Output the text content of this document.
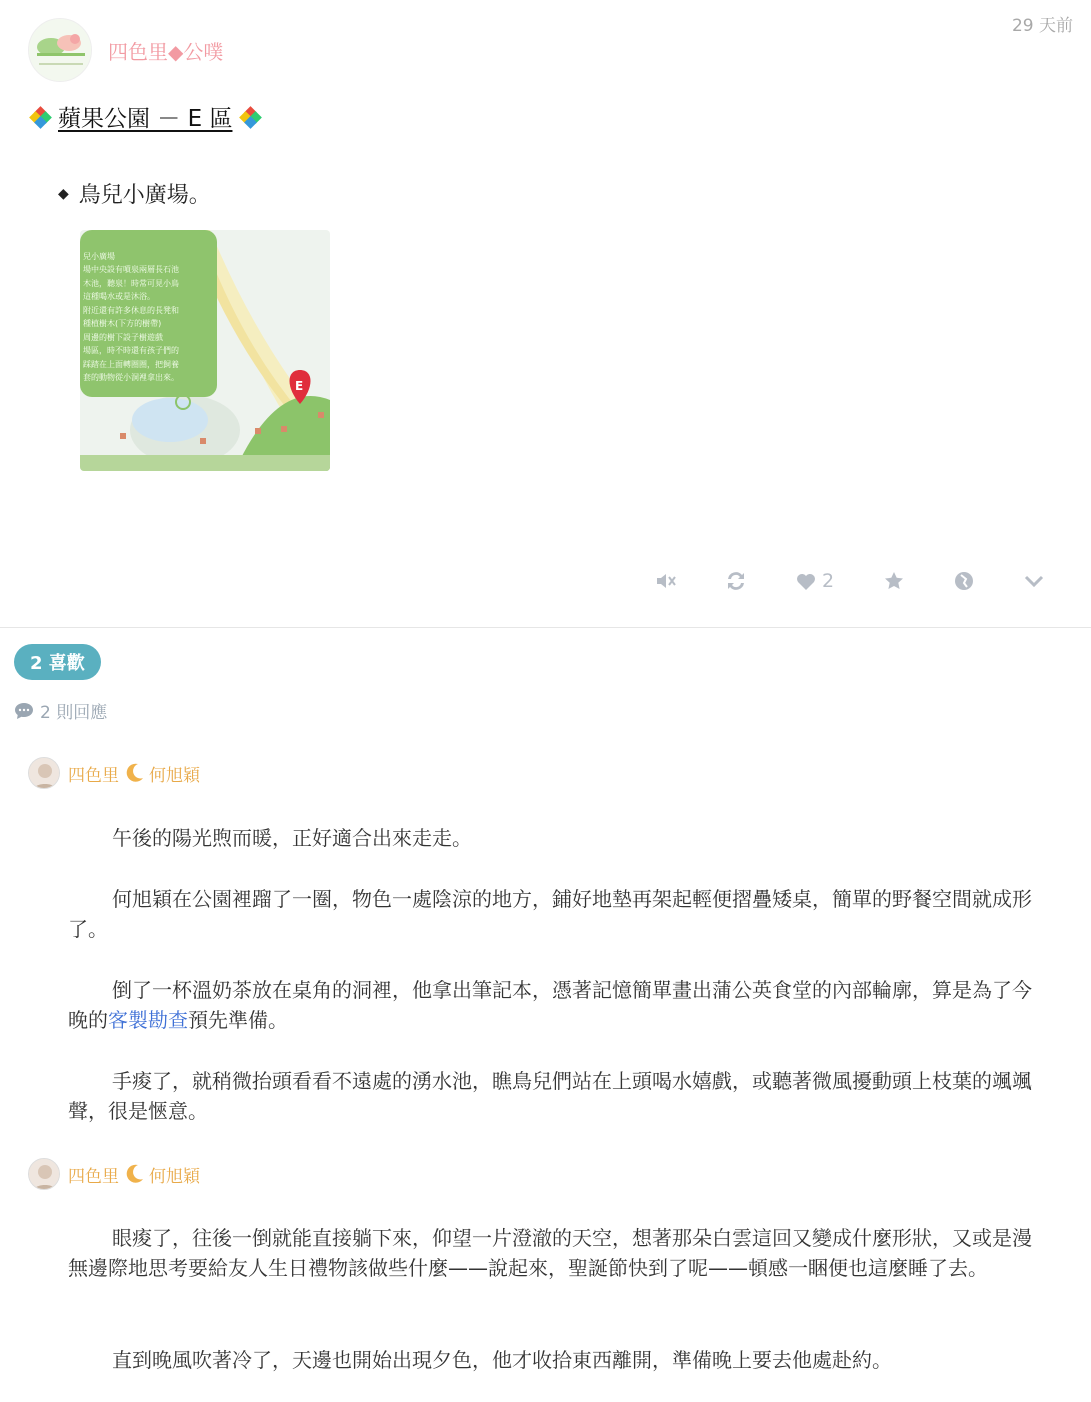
四色里◆公噗
29 天前
蘋果公園 － E 區
◆ 鳥兒小廣場。
兒小廣場
場中央設有噴泉兩層長石池
木池，聽泉！時常可見小鳥
這種喝水或是沐浴。
附近還有許多休息的長凳和
種植樹木(下方的樹帶)
周邊的樹下設子樹遊戲
場區，時不時還有孩子們的
踩踏在上面轉圈圈，把飼養
套的動物從小洞裡拿出來。
E
2
2 喜歡
2 則回應
四色里 何旭穎
午後的陽光煦而暖，正好適合出來走走。
何旭穎在公園裡蹓了一圈，物色一處陰涼的地方，鋪好地墊再架起輕便摺疊矮桌，簡單的野餐空間就成形了。
倒了一杯溫奶茶放在桌角的洞裡，他拿出筆記本，憑著記憶簡單畫出蒲公英食堂的內部輪廓，算是為了今晚的客製勘查預先準備。
手痠了，就稍微抬頭看看不遠處的湧水池，瞧鳥兒們站在上頭喝水嬉戲，或聽著微風擾動頭上枝葉的颯颯聲，很是愜意。
四色里 何旭穎
眼痠了，往後一倒就能直接躺下來，仰望一片澄澈的天空，想著那朵白雲這回又變成什麼形狀，又或是漫無邊際地思考要給友人生日禮物該做些什麼——說起來，聖誕節快到了呢——頓感一睏便也這麼睡了去。
直到晚風吹著冷了，天邊也開始出現夕色，他才收拾東西離開，準備晚上要去他處赴約。
